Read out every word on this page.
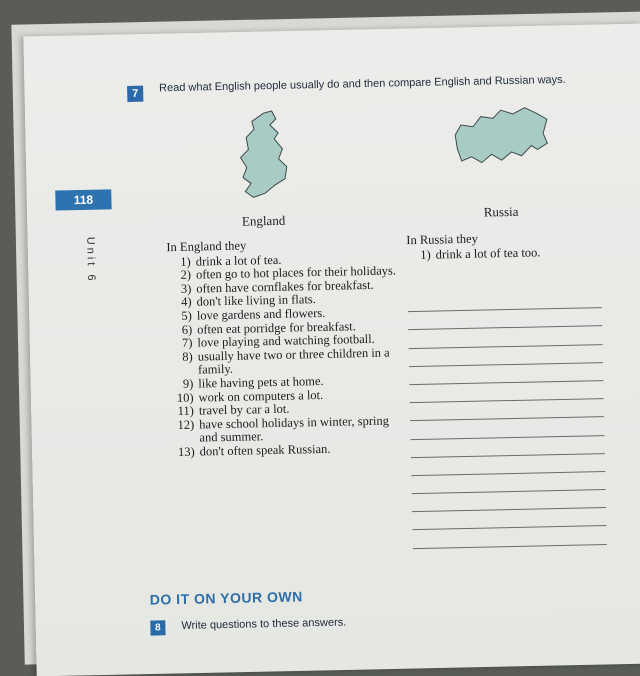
7	Read what English people usually do and then compare English and Russian ways.
118
Unit 6
England
Russia
In England they
1) drink a lot of tea.
2) often go to hot places for their holidays.
3) often have cornflakes for breakfast.
4) don't like living in flats.
5) love gardens and flowers.
6) often eat porridge for breakfast.
7) love playing and watching football.
8) usually have two or three children in a family.
9) like having pets at home.
10) work on computers a lot.
11) travel by car a lot.
12) have school holidays in winter, spring and summer.
13) don't often speak Russian.
In Russia they
1) drink a lot of tea too.
DO IT ON YOUR OWN
8	Write questions to these answers.
